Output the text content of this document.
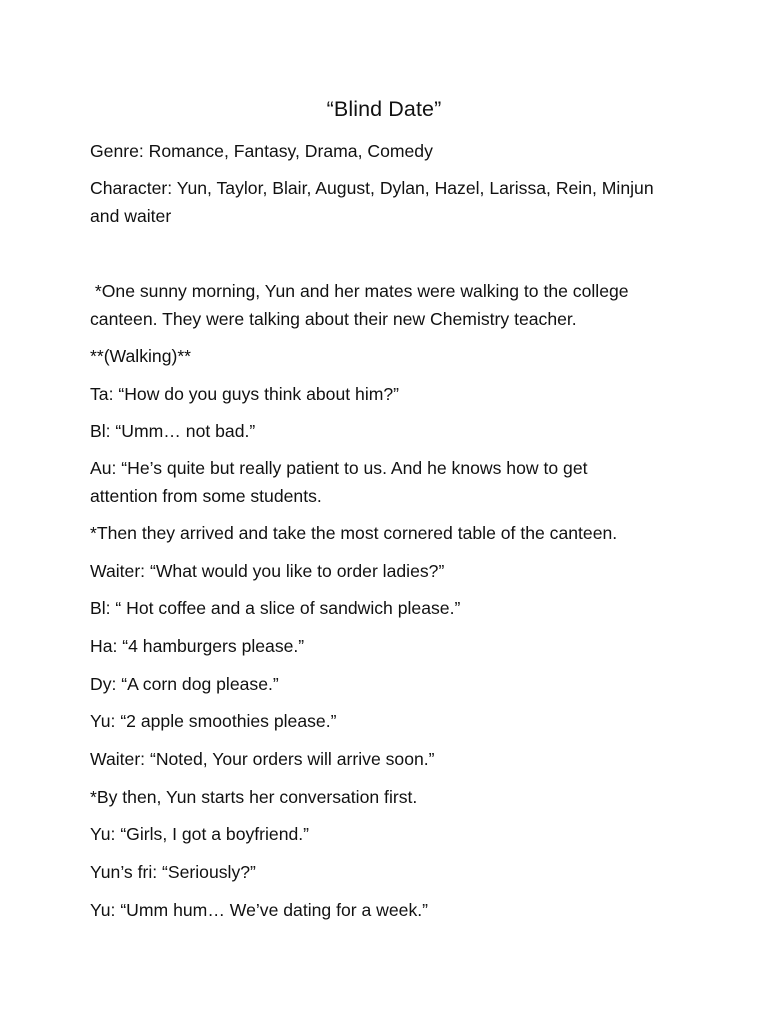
“Blind Date”
Genre: Romance, Fantasy, Drama, Comedy
Character: Yun, Taylor, Blair, August, Dylan, Hazel, Larissa, Rein, Minjun
and waiter
*One sunny morning, Yun and her mates were walking to the college
canteen. They were talking about their new Chemistry teacher.
**(Walking)**
Ta: “How do you guys think about him?”
Bl: “Umm… not bad.”
Au: “He’s quite but really patient to us. And he knows how to get
attention from some students.
*Then they arrived and take the most cornered table of the canteen.
Waiter: “What would you like to order ladies?”
Bl: “ Hot coffee and a slice of sandwich please.”
Ha: “4 hamburgers please.”
Dy: “A corn dog please.”
Yu: “2 apple smoothies please.”
Waiter: “Noted, Your orders will arrive soon.”
*By then, Yun starts her conversation first.
Yu: “Girls, I got a boyfriend.”
Yun’s fri: “Seriously?”
Yu: “Umm hum… We’ve dating for a week.”
